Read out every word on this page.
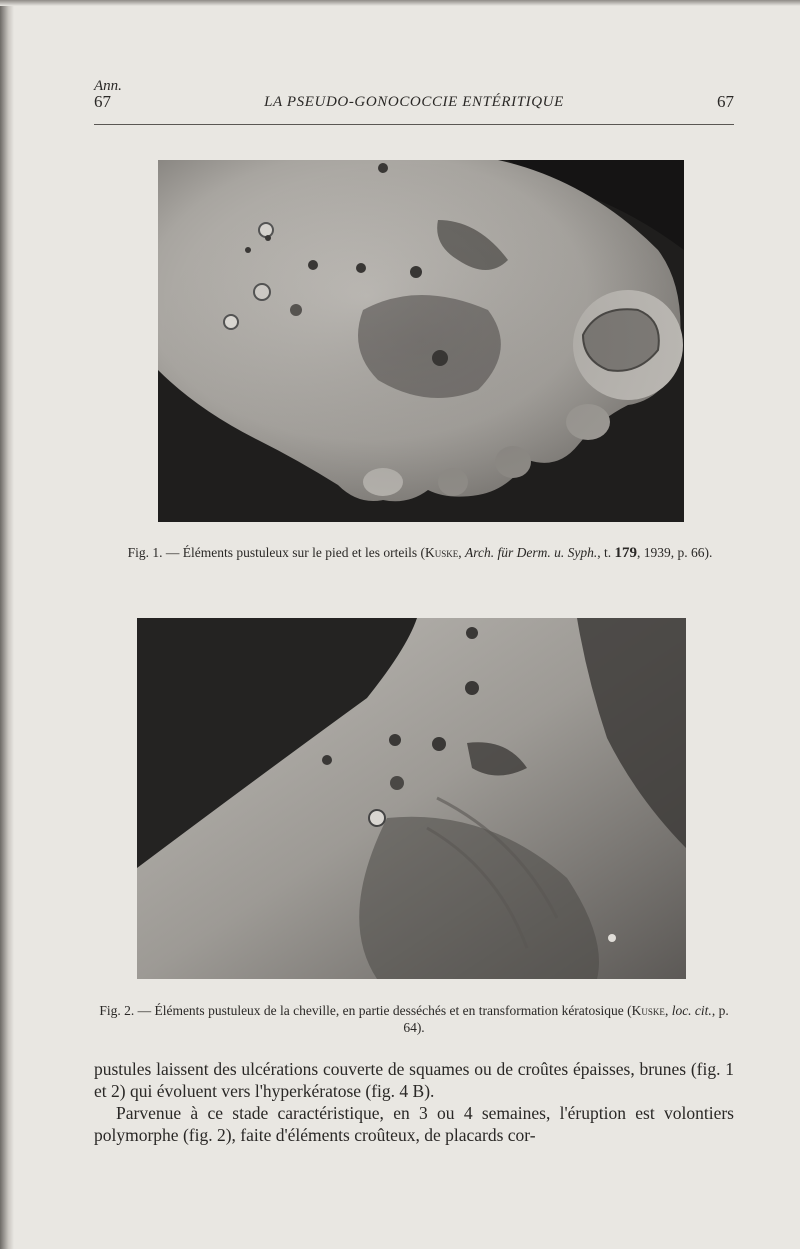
Ann.
67	LA PSEUDO-GONOCOCCIE ENTÉRITIQUE	67
Fig. 1. — Éléments pustuleux sur le pied et les orteils (Kuske, Arch. für Derm. u. Syph., t. 179, 1939, p. 66).
Fig. 2. — Éléments pustuleux de la cheville, en partie desséchés et en transformation kératosique (Kuske, loc. cit., p. 64).

pustules laissent des ulcérations couverte de squames ou de croûtes épaisses, brunes (fig. 1 et 2) qui évoluent vers l'hyperkératose (fig. 4 B).

Parvenue à ce stade caractéristique, en 3 ou 4 semaines, l'éruption est volontiers polymorphe (fig. 2), faite d'éléments croûteux, de placards cor-
